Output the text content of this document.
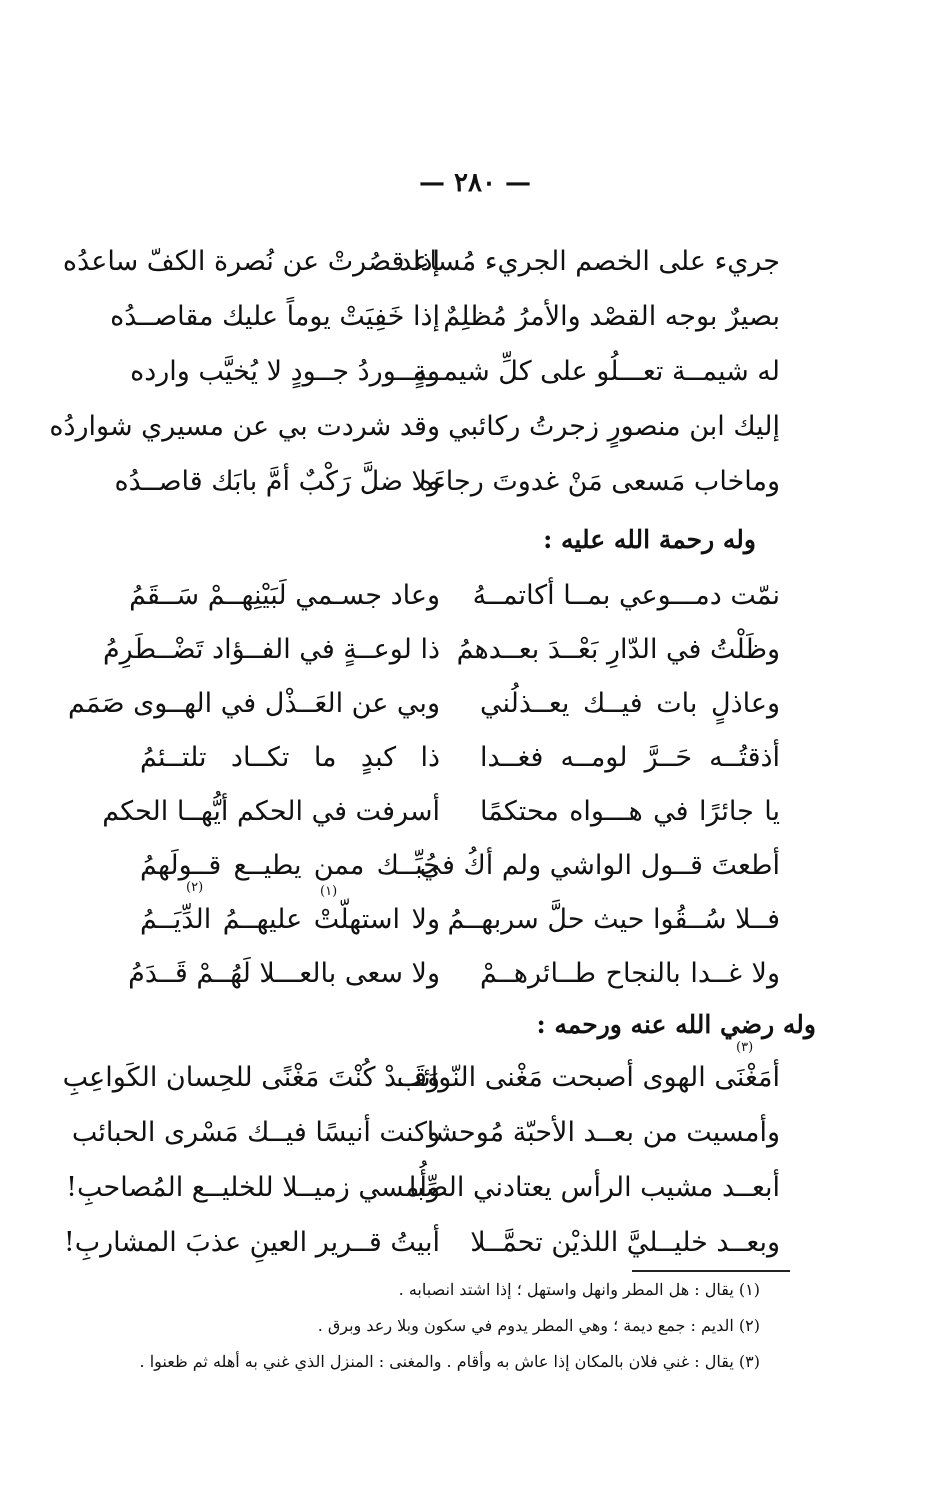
— ٢٨٠ —
جريء على الخصم الجريء مُساعد
إذا قصُرتْ عن نُصرة الكفّ ساعدُه
بصيرٌ بوجه القصْد والأمرُ مُظلِمٌ
إذا خَفِيَتْ يوماً عليك مقاصــدُه
له شيمــة تعـــلُو على كلِّ شيمــةٍ
ومــوردُ جــودٍ لا يُخيَّب وارده
إليك ابن منصورٍ زجرتُ ركائبي
وقد شردت بي عن مسيري شواردُه
وماخاب مَسعى مَنْ غدوتَ رجاءَه
ولا ضلَّ رَكْبٌ أمَّ بابَك قاصــدُه
وله رحمة الله عليه :
نمّت دمـــوعي بمــا أكاتمــهُ
وعاد جسـمي لَبَيْنِهــمْ سَــقَمُ
وظَلْتُ في الدّارِ بَعْــدَ بعــدهمُ
ذا لوعــةٍ في الفــؤاد تَضْــطَرِمُ
وعاذلٍ بات فيــك يعــذلُني
وبي عن العَــذْل في الهــوى صَمَم
أذقتُــه حَــرَّ لومــه فغــدا
ذا كبدٍ ما تكــاد تلتــئمُ
يا جائرًا في هـــواه محتكمًا
أسرفت في الحكم أيُّهــا الحكم
أطعتَ قــول الواشي ولم أكُ في
حُبِّــك ممن يطيــع قــولَهمُ
(١)
(٢)
فــلا سُــقُوا حيث حلَّ سربهــمُ
ولا استهلّتْ عليهــمُ الدِّيَــمُ
ولا غــدا بالنجاح طــائرهــمْ
ولا سعى بالعـــلا لَهُــمْ قَــدَمُ
وله رضي الله عنه ورحمه :
(٣)
أمَغْنَى الهوى أصبحت مَغْنى النّوائب
وَقَــدْ كُنْتَ مَغْنًى للحِسان الكَواعِبِ
وأمسيت من بعــد الأحبّة مُوحشا
وكنت أنيسًا فيــك مَسْرى الحبائب
أبعــد مشيب الرأس يعتادني الصِّبا
وأُمسي زميــلا للخليــع المُصاحبِ!
وبعــد خليــليَّ اللذيْن تحمَّــلا
أبيتُ قــرير العينِ عذبَ المشاربِ!
(١) يقال : هل المطر وانهل واستهل ؛ إذا اشتد انصبابه .
(٢) الديم : جمع ديمة ؛ وهي المطر يدوم في سكون وبلا رعد وبرق .
(٣) يقال : غني فلان بالمكان إذا عاش به وأقام . والمغنى : المنزل الذي غني به أهله ثم ظعنوا .
